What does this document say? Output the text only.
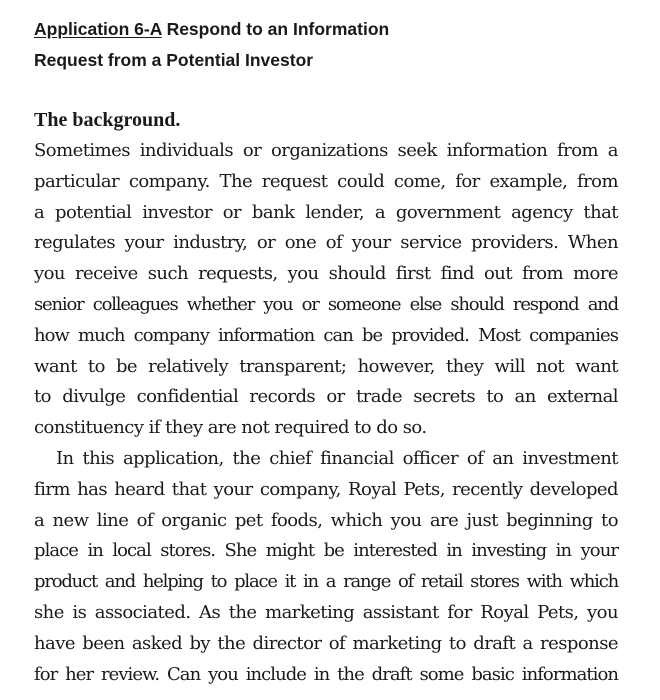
Application 6-A Respond to an Information
Request from a Potential Investor
The background.

Sometimes individuals or organizations seek information from a
particular company. The request could come, for example, from
a potential investor or bank lender, a government agency that
regulates your industry, or one of your service providers. When
you receive such requests, you should first find out from more
senior colleagues whether you or someone else should respond and
how much company information can be provided. Most companies
want to be relatively transparent; however, they will not want
to divulge confidential records or trade secrets to an external
constituency if they are not required to do so.

In this application, the chief financial officer of an investment
firm has heard that your company, Royal Pets, recently developed
a new line of organic pet foods, which you are just beginning to
place in local stores. She might be interested in investing in your
product and helping to place it in a range of retail stores with which
she is associated. As the marketing assistant for Royal Pets, you
have been asked by the director of marketing to draft a response
for her review. Can you include in the draft some basic information
